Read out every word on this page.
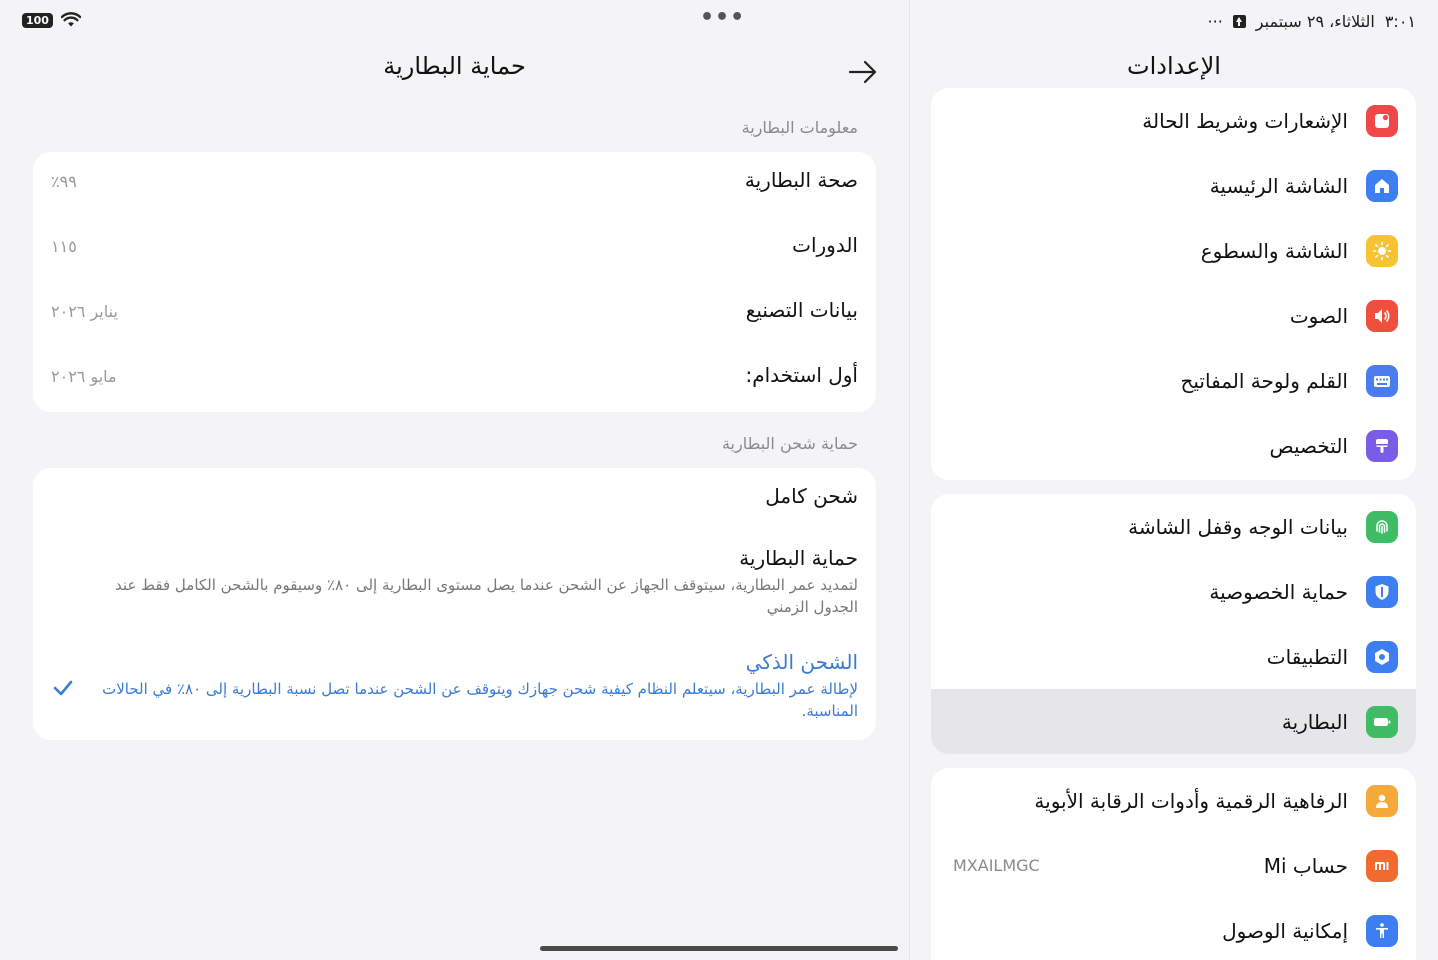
100	•••
حماية البطارية
معلومات البطارية
صحة البطارية
٩٩٪
الدورات
١١٥
بيانات التصنيع
يناير ٢٠٢٦
أول استخدام:
مايو ٢٠٢٦
حماية شحن البطارية
شحن كامل
حماية البطارية
لتمديد عمر البطارية، سيتوقف الجهاز عن الشحن عندما يصل مستوى البطارية إلى ٨٠٪ وسيقوم بالشحن الكامل فقط عند الجدول الزمني
الشحن الذكي
لإطالة عمر البطارية، سيتعلم النظام كيفية شحن جهازك ويتوقف عن الشحن عندما تصل نسبة البطارية إلى ٨٠٪ في الحالات المناسبة.
٣:٠١
الثلاثاء، ٢٩ سبتمبر
···
الإعدادات
الإشعارات وشريط الحالة
الشاشة الرئيسية
الشاشة والسطوع
الصوت
القلم ولوحة المفاتيح
التخصيص
بيانات الوجه وقفل الشاشة
حماية الخصوصية
التطبيقات
البطارية
الرفاهية الرقمية وأدوات الرقابة الأبوية
حساب Mi
MXAILMGC
إمكانية الوصول
